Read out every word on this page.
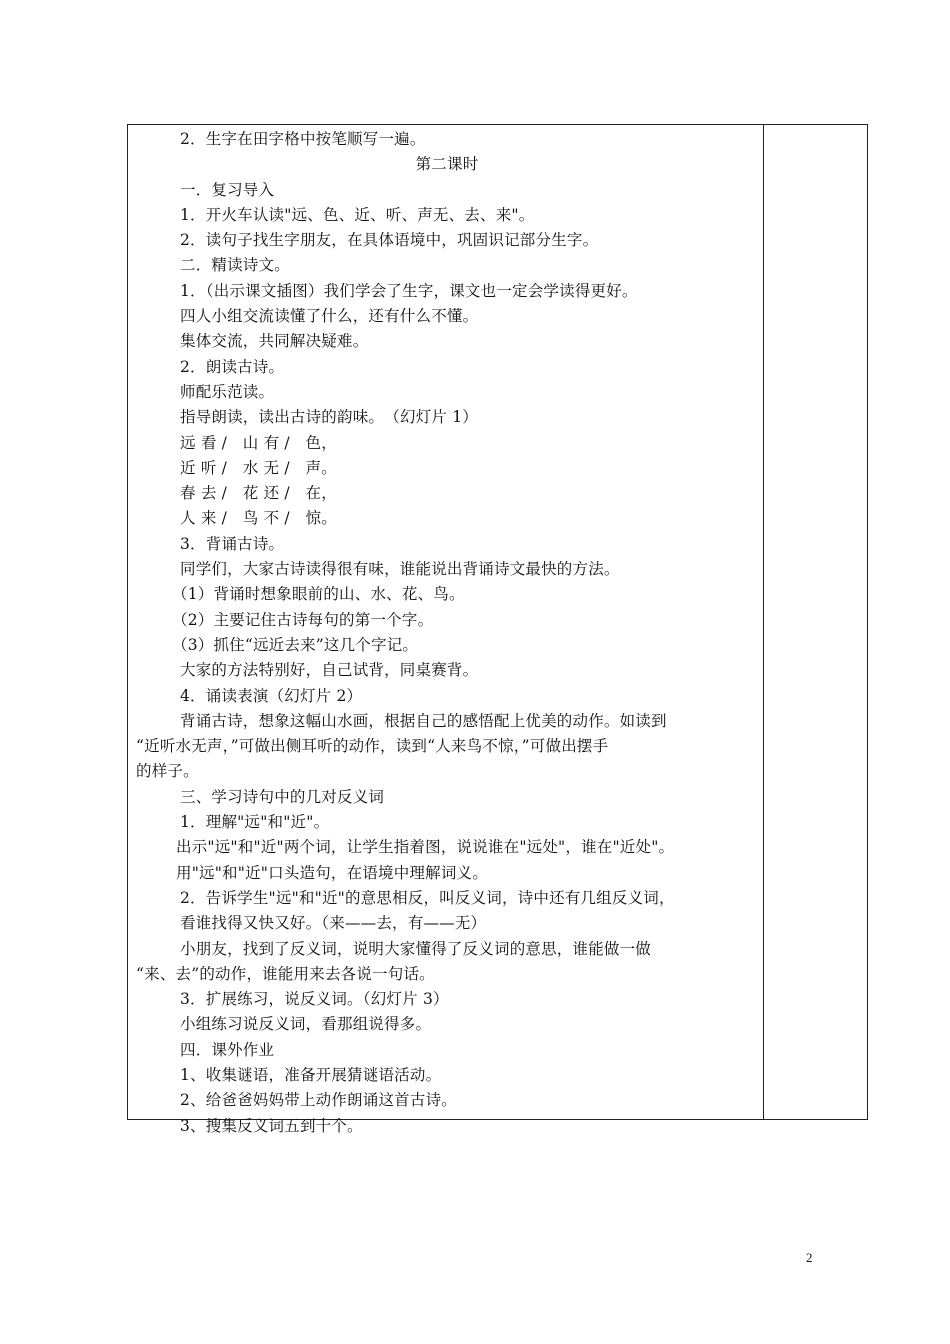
2．生字在田字格中按笔顺写一遍。
第二课时
一．复习导入
1．开火车认读"远、色、近、听、声无、去、来"。
2．读句子找生字朋友，在具体语境中，巩固识记部分生字。
二．精读诗文。
1．（出示课文插图）我们学会了生字，课文也一定会学读得更好。
四人小组交流读懂了什么，还有什么不懂。
集体交流，共同解决疑难。
2．朗读古诗。
师配乐范读。
指导朗读，读出古诗的韵味。　（幻灯片 1）
远 看 /　山 有 /　色，
近 听 /　水 无 /　声。
春 去 /　花 还 /　在，
人 来 /　鸟 不 /　惊。
3．背诵古诗。
同学们，大家古诗读得很有味，谁能说出背诵诗文最快的方法。
（1）背诵时想象眼前的山、水、花、鸟。
（2）主要记住古诗每句的第一个字。
（3）抓住“远近去来”这几个字记。
大家的方法特别好，自己试背，同桌赛背。
4．诵读表演（幻灯片 2）
背诵古诗，想象这幅山水画，根据自己的感悟配上优美的动作。如读到
“近听水无声，”可做出侧耳听的动作，读到“人来鸟不惊，”可做出摆手
的样子。
三、学习诗句中的几对反义词
1．理解"远"和"近"。
出示"远"和"近"两个词，让学生指着图，说说谁在"远处"，谁在"近处"。
用"远"和"近"口头造句，在语境中理解词义。
2．告诉学生"远"和"近"的意思相反，叫反义词，诗中还有几组反义词，
看谁找得又快又好。（来——去，有——无）
小朋友，找到了反义词，说明大家懂得了反义词的意思，谁能做一做
“来、去”的动作，谁能用来去各说一句话。
3．扩展练习，说反义词。（幻灯片 3）
小组练习说反义词，看那组说得多。
四．课外作业
1、收集谜语，准备开展猜谜语活动。
2、给爸爸妈妈带上动作朗诵这首古诗。
3、搜集反义词五到十个。
2
